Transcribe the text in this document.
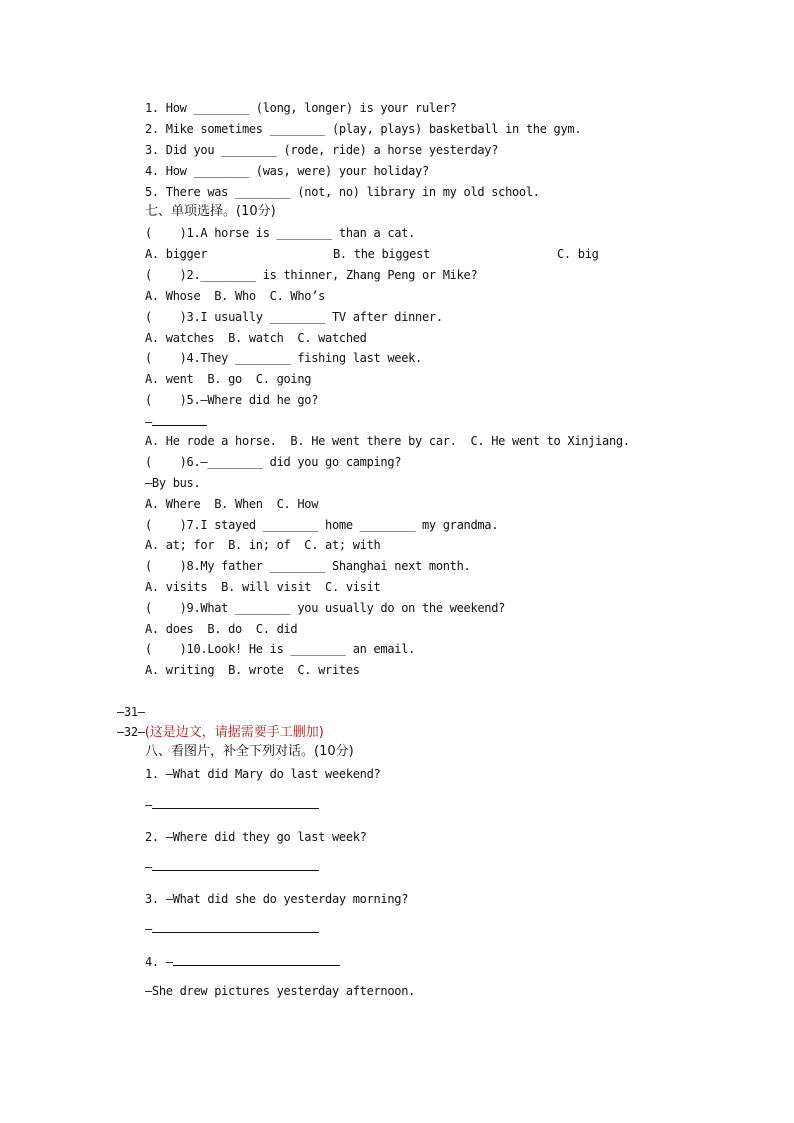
1. How ________ (long, longer) is your ruler?
2. Mike sometimes ________ (play, plays) basketball in the gym.
3. Did you ________ (rode, ride) a horse yesterday?
4. How ________ (was, were) your holiday?
5. There was ________ (not, no) library in my old school.
七、单项选择。(10分)
(    )1.A horse is ________ than a cat.
A. bigger	B. the biggest	C. big
(    )2.________ is thinner, Zhang Peng or Mike?
A. Whose  B. Who  C. Who’s
(    )3.I usually ________ TV after dinner.
A. watches  B. watch  C. watched
(    )4.They ________ fishing last week.
A. went  B. go  C. going
(    )5.—Where did he go?
—
A. He rode a horse.  B. He went there by car.  C. He went to Xinjiang.
(    )6.—________ did you go camping?
—By bus.
A. Where  B. When  C. How
(    )7.I stayed ________ home ________ my grandma.
A. at; for  B. in; of  C. at; with
(    )8.My father ________ Shanghai next month.
A. visits  B. will visit  C. visit
(    )9.What ________ you usually do on the weekend?
A. does  B. do  C. did
(    )10.Look! He is ________ an email.
A. writing  B. wrote  C. writes
—31—
—32—(这是边文，请据需要手工删加)
八、看图片，补全下列对话。(10分)
1. —What did Mary do last weekend?
—
2. —Where did they go last week?
—
3. —What did she do yesterday morning?
—
4. —
—She drew pictures yesterday afternoon.
